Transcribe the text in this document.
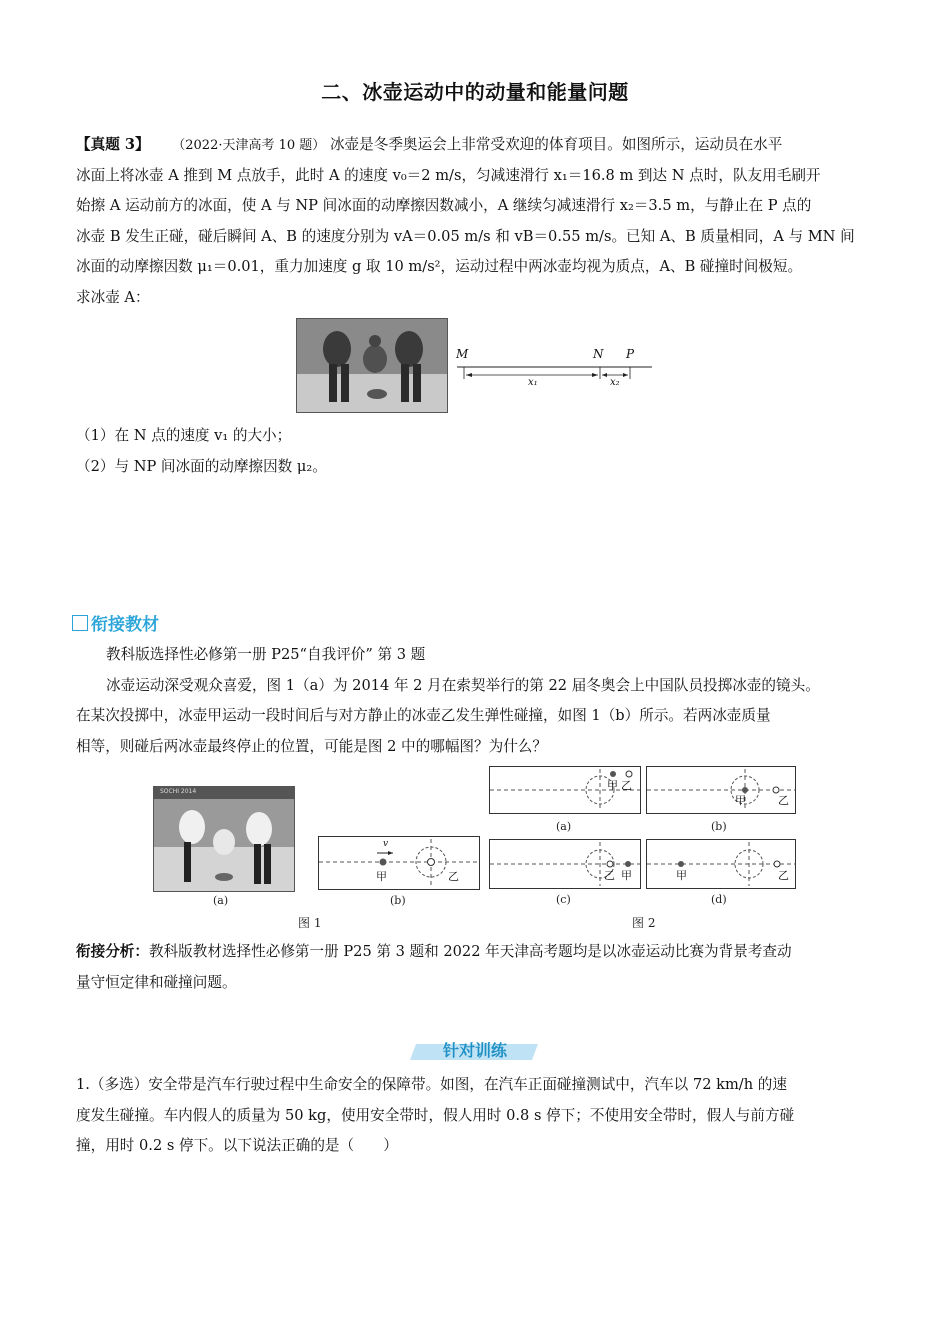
二、冰壶运动中的动量和能量问题
【真题 3】 （2022·天津高考 10 题） 冰壶是冬季奥运会上非常受欢迎的体育项目。如图所示，运动员在水平
冰面上将冰壶 A 推到 M 点放手，此时 A 的速度 v₀＝2 m/s，匀减速滑行 x₁＝16.8 m 到达 N 点时，队友用毛刷开
始擦 A 运动前方的冰面，使 A 与 NP 间冰面的动摩擦因数减小，A 继续匀减速滑行 x₂＝3.5 m，与静止在 P 点的
冰壶 B 发生正碰，碰后瞬间 A、B 的速度分别为 vA＝0.05 m/s 和 vB＝0.55 m/s。已知 A、B 质量相同，A 与 MN 间
冰面的动摩擦因数 μ₁＝0.01，重力加速度 g 取 10 m/s²，运动过程中两冰壶均视为质点，A、B 碰撞时间极短。
求冰壶 A：
M	N P
x₁	x₂
（1）在 N 点的速度 v₁ 的大小；
（2）与 NP 间冰面的动摩擦因数 μ₂。
衔接教材
教科版选择性必修第一册 P25“自我评价” 第 3 题
冰壶运动深受观众喜爱，图 1（a）为 2014 年 2 月在索契举行的第 22 届冬奥会上中国队员投掷冰壶的镜头。
在某次投掷中，冰壶甲运动一段时间后与对方静止的冰壶乙发生弹性碰撞，如图 1（b）所示。若两冰壶质量
相等，则碰后两冰壶最终停止的位置，可能是图 2 中的哪幅图？为什么？
SOCHI 2014
(a)
v
甲	乙
(b)
图 1
甲 乙
(a)
甲	乙
(b)
乙 甲
(c)
甲	乙
(d)
图 2
衔接分析：教科版教材选择性必修第一册 P25 第 3 题和 2022 年天津高考题均是以冰壶运动比赛为背景考查动
量守恒定律和碰撞问题。
针对训练
1.（多选）安全带是汽车行驶过程中生命安全的保障带。如图，在汽车正面碰撞测试中，汽车以 72 km/h 的速
度发生碰撞。车内假人的质量为 50 kg，使用安全带时，假人用时 0.8 s 停下；不使用安全带时，假人与前方碰
撞，用时 0.2 s 停下。以下说法正确的是（　　）
